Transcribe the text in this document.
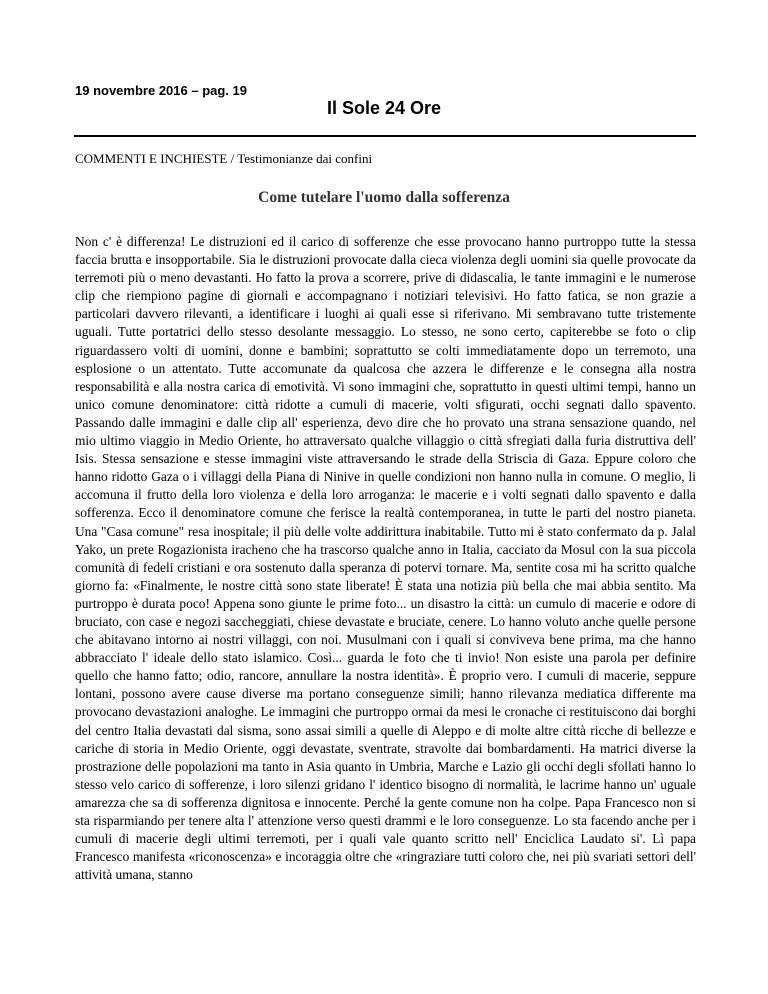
19 novembre 2016 – pag. 19
Il Sole 24 Ore
COMMENTI E INCHIESTE / Testimonianze dai confini
Come tutelare l'uomo dalla sofferenza
Non c' è differenza! Le distruzioni ed il carico di sofferenze che esse provocano hanno purtroppo tutte la stessa faccia brutta e insopportabile. Sia le distruzioni provocate dalla cieca violenza degli uomini sia quelle provocate da terremoti più o meno devastanti. Ho fatto la prova a scorrere, prive di didascalia, le tante immagini e le numerose clip che riempiono pagine di giornali e accompagnano i notiziari televisivi. Ho fatto fatica, se non grazie a particolari davvero rilevanti, a identificare i luoghi ai quali esse si riferivano. Mi sembravano tutte tristemente uguali. Tutte portatrici dello stesso desolante messaggio. Lo stesso, ne sono certo, capiterebbe se foto o clip riguardassero volti di uomini, donne e bambini; soprattutto se colti immediatamente dopo un terremoto, una esplosione o un attentato. Tutte accomunate da qualcosa che azzera le differenze e le consegna alla nostra responsabilità e alla nostra carica di emotività. Vi sono immagini che, soprattutto in questi ultimi tempi, hanno un unico comune denominatore: città ridotte a cumuli di macerie, volti sfigurati, occhi segnati dallo spavento. Passando dalle immagini e dalle clip all' esperienza, devo dire che ho provato una strana sensazione quando, nel mio ultimo viaggio in Medio Oriente, ho attraversato qualche villaggio o città sfregiati dalla furia distruttiva dell' Isis. Stessa sensazione e stesse immagini viste attraversando le strade della Striscia di Gaza. Eppure coloro che hanno ridotto Gaza o i villaggi della Piana di Ninive in quelle condizioni non hanno nulla in comune. O meglio, li accomuna il frutto della loro violenza e della loro arroganza: le macerie e i volti segnati dallo spavento e dalla sofferenza. Ecco il denominatore comune che ferisce la realtà contemporanea, in tutte le parti del nostro pianeta. Una "Casa comune" resa inospitale; il più delle volte addirittura inabitabile. Tutto mi è stato confermato da p. Jalal Yako, un prete Rogazionista iracheno che ha trascorso qualche anno in Italia, cacciato da Mosul con la sua piccola comunità di fedeli cristiani e ora sostenuto dalla speranza di potervi tornare. Ma, sentite cosa mi ha scritto qualche giorno fa: «Finalmente, le nostre città sono state liberate! È stata una notizia più bella che mai abbia sentito. Ma purtroppo è durata poco! Appena sono giunte le prime foto... un disastro la città: un cumulo di macerie e odore di bruciato, con case e negozi saccheggiati, chiese devastate e bruciate, cenere. Lo hanno voluto anche quelle persone che abitavano intorno ai nostri villaggi, con noi. Musulmani con i quali si conviveva bene prima, ma che hanno abbracciato l' ideale dello stato islamico. Così... guarda le foto che ti invio! Non esiste una parola per definire quello che hanno fatto; odio, rancore, annullare la nostra identità». È proprio vero. I cumuli di macerie, seppure lontani, possono avere cause diverse ma portano conseguenze simili; hanno rilevanza mediatica differente ma provocano devastazioni analoghe. Le immagini che purtroppo ormai da mesi le cronache ci restituiscono dai borghi del centro Italia devastati dal sisma, sono assai simili a quelle di Aleppo e di molte altre città ricche di bellezze e cariche di storia in Medio Oriente, oggi devastate, sventrate, stravolte dai bombardamenti. Ha matrici diverse la prostrazione delle popolazioni ma tanto in Asia quanto in Umbria, Marche e Lazio gli occhi degli sfollati hanno lo stesso velo carico di sofferenze, i loro silenzi gridano l' identico bisogno di normalità, le lacrime hanno un' uguale amarezza che sa di sofferenza dignitosa e innocente. Perché la gente comune non ha colpe. Papa Francesco non si sta risparmiando per tenere alta l' attenzione verso questi drammi e le loro conseguenze. Lo sta facendo anche per i cumuli di macerie degli ultimi terremoti, per i quali vale quanto scritto nell' Enciclica Laudato si'. Lì papa Francesco manifesta «riconoscenza» e incoraggia oltre che «ringraziare tutti coloro che, nei più svariati settori dell' attività umana, stanno
